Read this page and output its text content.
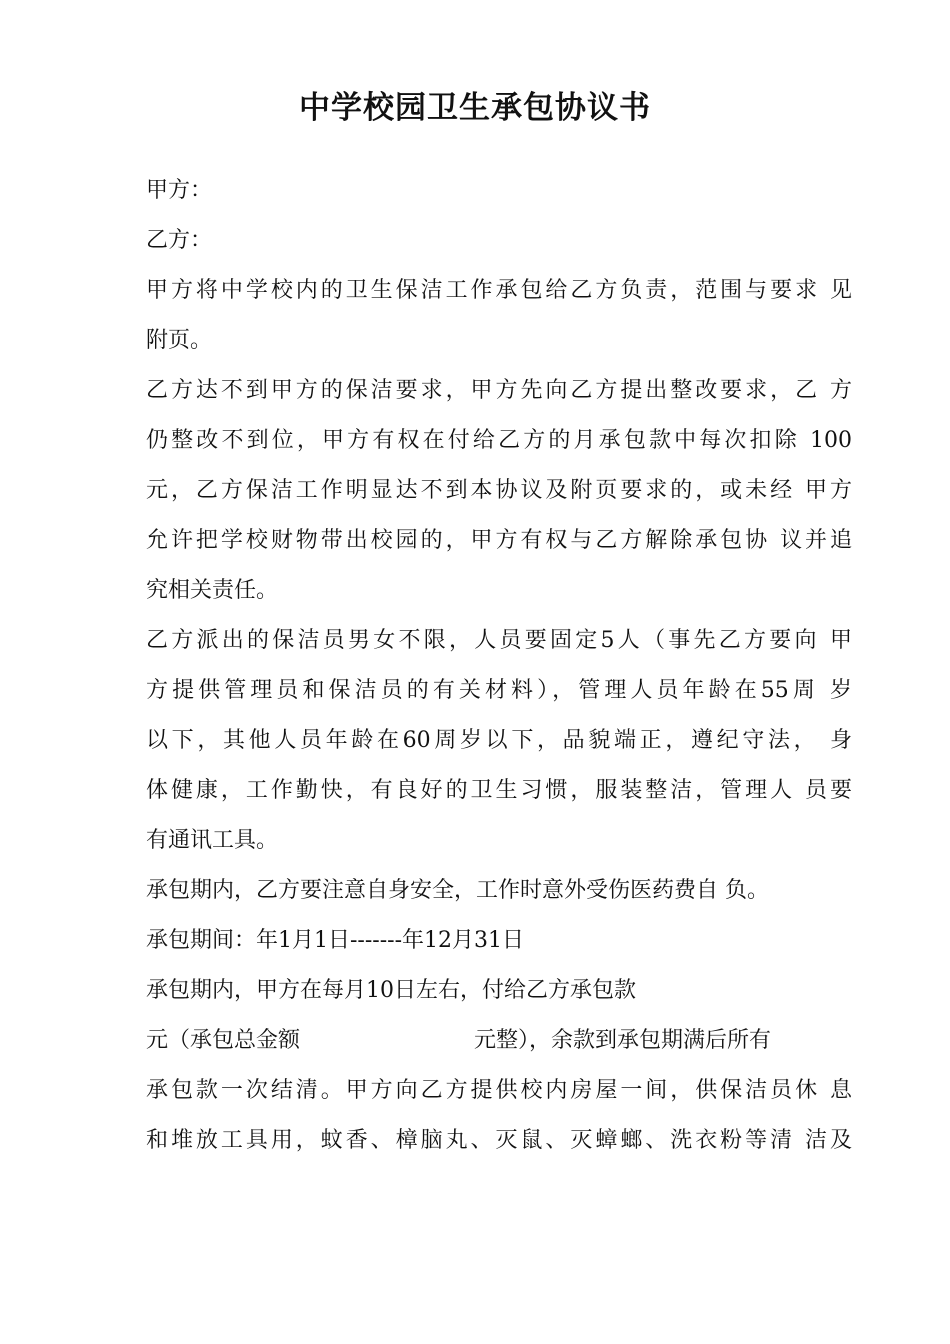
中学校园卫生承包协议书
甲方：
乙方：
甲方将中学校内的卫生保洁工作承包给乙方负责，范围与要求 见
附页。
乙方达不到甲方的保洁要求，甲方先向乙方提出整改要求，乙 方
仍整改不到位，甲方有权在付给乙方的月承包款中每次扣除 100
元，乙方保洁工作明显达不到本协议及附页要求的，或未经 甲方
允许把学校财物带出校园的，甲方有权与乙方解除承包协 议并追
究相关责任。
乙方派出的保洁员男女不限，人员要固定5人（事先乙方要向 甲
方提供管理员和保洁员的有关材料），管理人员年龄在55周 岁
以下，其他人员年龄在60周岁以下，品貌端正，遵纪守法， 身
体健康，工作勤快，有良好的卫生习惯，服装整洁，管理人 员要
有通讯工具。
承包期内，乙方要注意自身安全，工作时意外受伤医药费自 负。
承包期间：年1月1日-------年12月31日
承包期内，甲方在每月10日左右，付给乙方承包款

元（承包总金额

	元整），余款到承包期满后所有

承包款一次结清。甲方向乙方提供校内房屋一间，供保洁员休 息
和堆放工具用，蚊香、樟脑丸、灭鼠、灭蟑螂、洗衣粉等清 洁及
